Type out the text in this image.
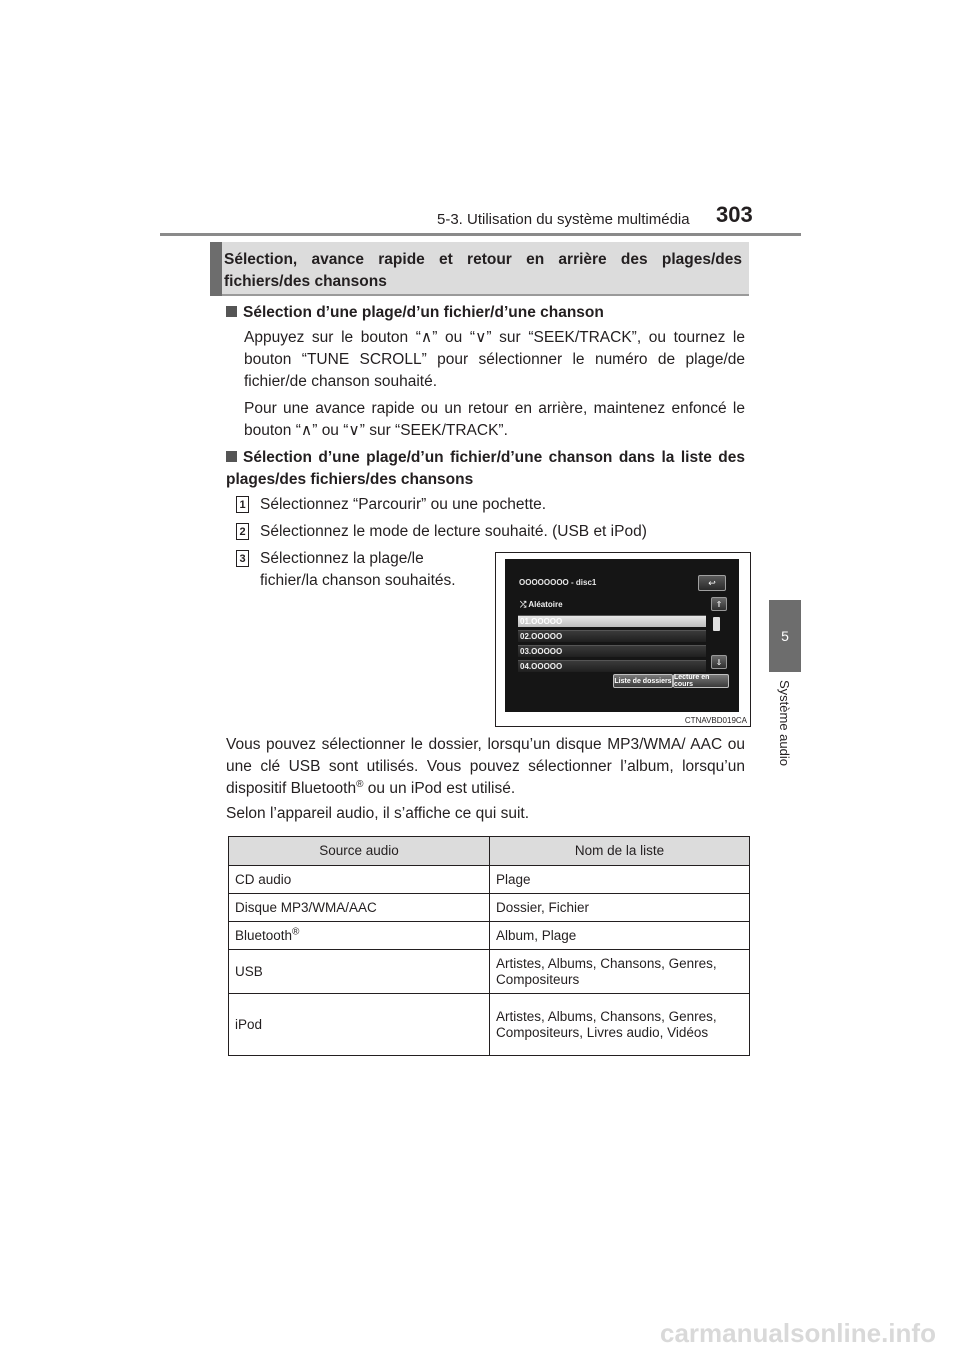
5-3. Utilisation du système multimédia 303
5
Système audio
Sélection, avance rapide et retour en arrière des plages/des fichiers/des chansons
Sélection d’une plage/d’un fichier/d’une chanson
Appuyez sur le bouton “∧” ou “∨” sur “SEEK/TRACK”, ou tournez le bouton “TUNE SCROLL” pour sélectionner le numéro de plage/de fichier/de chanson souhaité.
Pour une avance rapide ou un retour en arrière, maintenez enfoncé le bouton “∧” ou “∨” sur “SEEK/TRACK”.
Sélection d’une plage/d’un fichier/d’une chanson dans la liste des plages/des fichiers/des chansons
1 Sélectionnez “Parcourir” ou une pochette.
2 Sélectionnez le mode de lecture souhaité. (USB et iPod)
3 Sélectionnez la plage/le fichier/la chanson souhaités.	OOOOOOOO - disc1	↩
⤮ Aléatoire
01.OOOOO
02.OOOOO
03.OOOOO
04.OOOOO
⇑
⇓
Liste de dossiers Lecture en cours
CTNAVBD019CA
Vous pouvez sélectionner le dossier, lorsqu’un disque MP3/WMA/ AAC ou une clé USB sont utilisés. Vous pouvez sélectionner l’album, lorsqu’un dispositif Bluetooth® ou un iPod est utilisé.
Selon l’appareil audio, il s’affiche ce qui suit.
Source audio	Nom de la liste
CD audio	Plage
Disque MP3/WMA/AAC	Dossier, Fichier
Bluetooth®	Album, Plage
USB	Artistes, Albums, Chansons, Genres, Compositeurs
iPod	Artistes, Albums, Chansons, Genres, Compositeurs, Livres audio, Vidéos
carmanualsonline.info
